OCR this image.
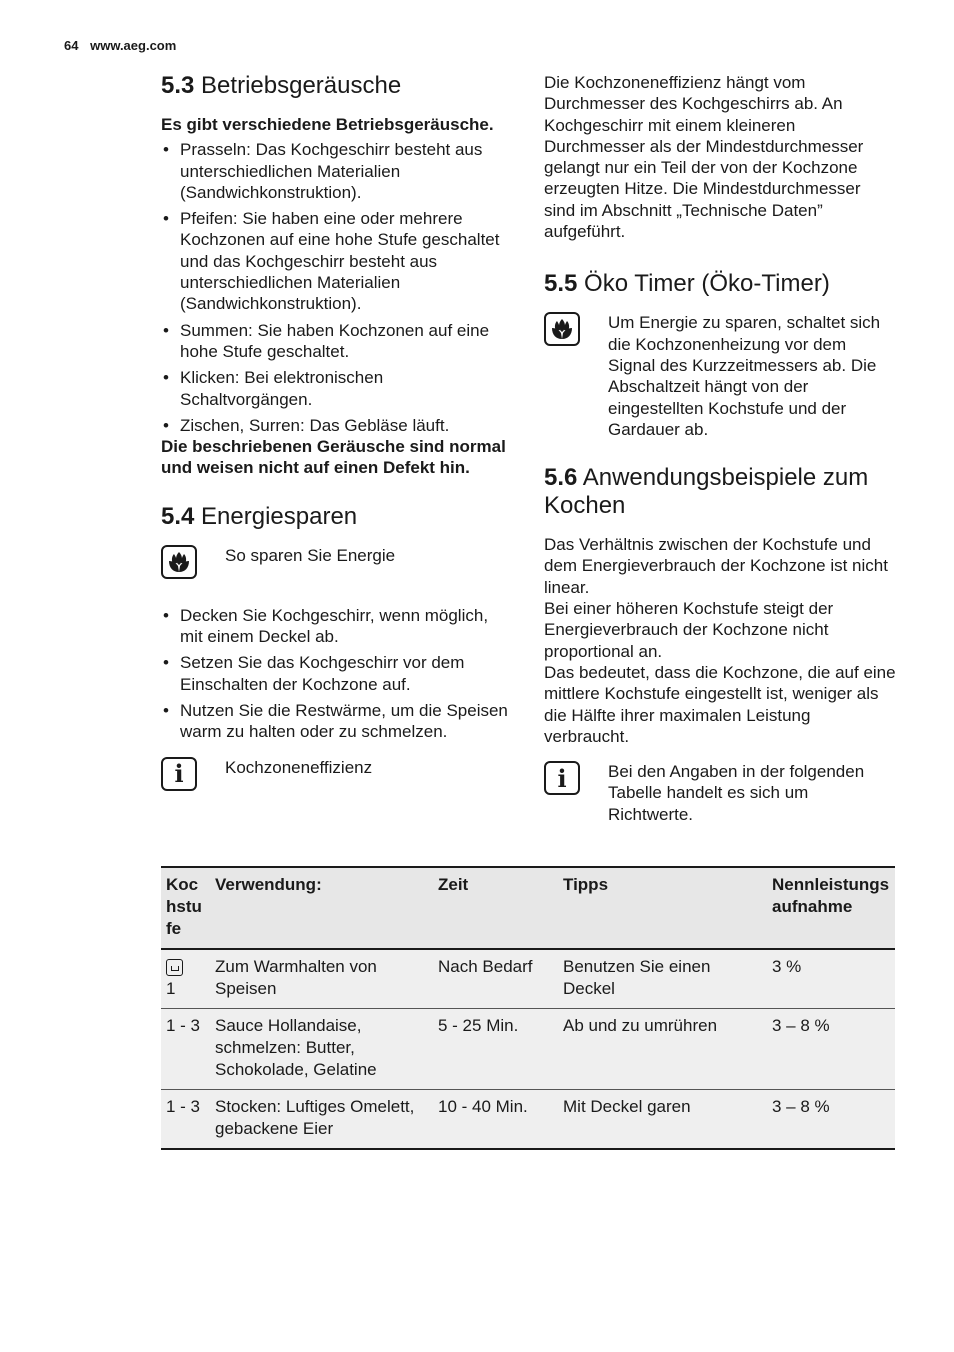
64 www.aeg.com
5.3 Betriebsgeräusche

Es gibt verschiedene Betriebsgeräusche.

• Prasseln: Das Kochgeschirr besteht aus unterschiedlichen Materialien (Sandwichkonstruktion).
• Pfeifen: Sie haben eine oder mehrere Kochzonen auf eine hohe Stufe geschaltet und das Kochgeschirr besteht aus unterschiedlichen Materialien (Sandwichkonstruktion).
• Summen: Sie haben Kochzonen auf eine hohe Stufe geschaltet.
• Klicken: Bei elektronischen Schaltvorgängen.
• Zischen, Surren: Das Gebläse läuft.

Die beschriebenen Geräusche sind normal und weisen nicht auf einen Defekt hin.

5.4 Energiesparen
So sparen Sie Energie
• Decken Sie Kochgeschirr, wenn möglich, mit einem Deckel ab.
• Setzen Sie das Kochgeschirr vor dem Einschalten der Kochzone auf.
• Nutzen Sie die Restwärme, um die Speisen warm zu halten oder zu schmelzen.
i Kochzoneneffizienz

Die Kochzoneneffizienz hängt vom Durchmesser des Kochgeschirrs ab. An Kochgeschirr mit einem kleineren Durchmesser als der Mindestdurchmesser gelangt nur ein Teil der von der Kochzone erzeugten Hitze. Die Mindestdurchmesser sind im Abschnitt „Technische Daten” aufgeführt.

5.5 Öko Timer (Öko-Timer)
Um Energie zu sparen, schaltet sich die Kochzonenheizung vor dem Signal des Kurzzeitmessers ab. Die Abschaltzeit hängt von der eingestellten Kochstufe und der Gardauer ab.
5.6 Anwendungsbeispiele zum Kochen

Das Verhältnis zwischen der Kochstufe und dem Energieverbrauch der Kochzone ist nicht linear.

Bei einer höheren Kochstufe steigt der Energieverbrauch der Kochzone nicht proportional an.

Das bedeutet, dass die Kochzone, die auf eine mittlere Kochstufe eingestellt ist, weniger als die Hälfte ihrer maximalen Leistung verbraucht.

i Bei den Angaben in der folgenden Tabelle handelt es sich um Richtwerte.
Kochstufe	Verwendung:	Zeit	Tipps	Nennleistungsaufnahme

1	Zum Warmhalten von Speisen	Nach Bedarf	Benutzen Sie einen Deckel	3 %
1 - 3	Sauce Hollandaise, schmelzen: Butter, Schokolade, Gelatine	5 - 25 Min.	Ab und zu umrühren	3 – 8 %
1 - 3	Stocken: Luftiges Omelett, gebackene Eier	10 - 40 Min.	Mit Deckel garen	3 – 8 %
